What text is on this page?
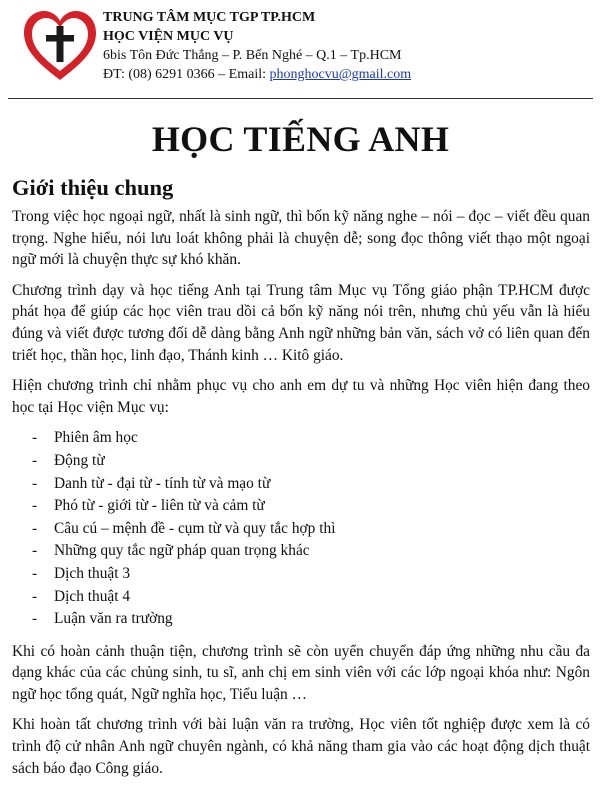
TRUNG TÂM MỤC TGP TP.HCM
HỌC VIỆN MỤC VỤ
6bis Tôn Đức Thắng – P. Bến Nghé – Q.1 – Tp.HCM
ĐT: (08) 6291 0366 – Email: phonghocvu@gmail.com
HỌC TIẾNG ANH
Giới thiệu chung

Trong việc học ngoại ngữ, nhất là sinh ngữ, thì bốn kỹ năng nghe – nói – đọc – viết đều quan trọng. Nghe hiểu, nói lưu loát không phải là chuyện dễ; song đọc thông viết thạo một ngoại ngữ mới là chuyện thực sự khó khăn.

Chương trình dạy và học tiếng Anh tại Trung tâm Mục vụ Tổng giáo phận TP.HCM được phát họa để giúp các học viên trau dồi cả bốn kỹ năng nói trên, nhưng chủ yếu vẫn là hiểu đúng và viết được tương đối dễ dàng bằng Anh ngữ những bản văn, sách vở có liên quan đến triết học, thần học, linh đạo, Thánh kinh … Kitô giáo.

Hiện chương trình chỉ nhằm phục vụ cho anh em dự tu và những Học viên hiện đang theo học tại Học viện Mục vụ:

- Phiên âm học
- Động từ
- Danh từ - đại từ - tính từ và mạo từ
- Phó từ - giới từ - liên từ và cảm từ
- Câu cú – mệnh đề - cụm từ và quy tắc hợp thì
- Những quy tắc ngữ pháp quan trọng khác
- Dịch thuật 3
- Dịch thuật 4
- Luận văn ra trường

Khi có hoàn cảnh thuận tiện, chương trình sẽ còn uyển chuyển đáp ứng những nhu cầu đa dạng khác của các chủng sinh, tu sĩ, anh chị em sinh viên với các lớp ngoại khóa như: Ngôn ngữ học tổng quát, Ngữ nghĩa học, Tiểu luận …

Khi hoàn tất chương trình với bài luận văn ra trường, Học viên tốt nghiệp được xem là có trình độ cử nhân Anh ngữ chuyên ngành, có khả năng tham gia vào các hoạt động dịch thuật sách báo đạo Công giáo.
